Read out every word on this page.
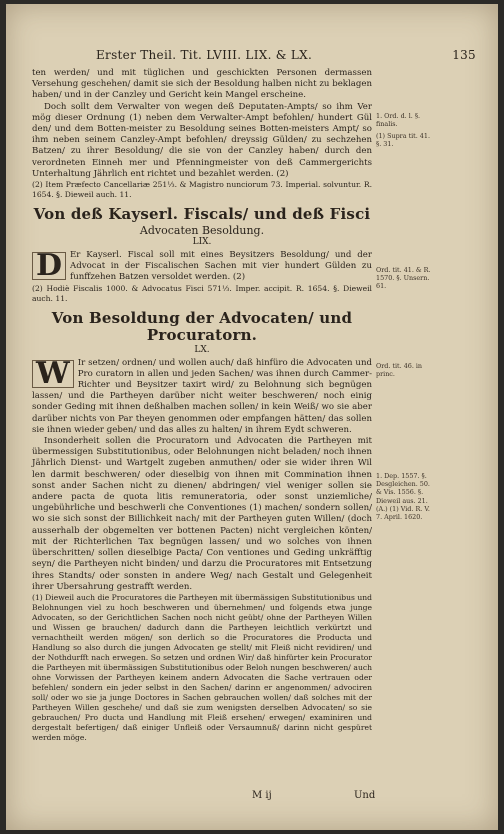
Erster Theil. Tit. LVIII. LIX. & LX.	135

ten werden/ und mit tüglichen und geschickten Personen dermassen Versehung geschehen/ damit sie sich der Besoldung halben nicht zu beklagen haben/ und in der Canzley und Gericht kein Mangel erscheine.

Doch sollt dem Verwalter von wegen deß Deputaten-Ampts/ so ihm Ver mög dieser Ordnung (1) neben dem Verwalter-Ampt befohlen/ hundert Gül den/ und dem Botten-meister zu Besoldung seines Botten-meisters Ampt/ so ihm neben seinem Canzley-Ampt befohlen/ dreyssig Gülden/ zu sechzehen Batzen/ zu ihrer Besoldung/ die sie von der Canzley haben/ durch den verordneten Einneh mer und Pfenningmeister von deß Cammergerichts Unterhaltung Jährlich ent richtet und bezahlet werden. (2)

(2) Item Præfecto Cancellariæ 251⅓. & Magistro nunciorum 73. Imperial. solvuntur. R. 1654. §. Dieweil auch. 11.

Von deß Kayserl. Fiscals/ und deß Fisci
Advocaten Besoldung.
LIX.

D Er Kayserl. Fiscal soll mit eines Beysitzers Besoldung/ und der Advocat in der Fiscalischen Sachen mit vier hundert Gülden zu funffzehen Batzen versoldet werden. (2)

(2) Hodiè Fiscalis 1000. & Advocatus Fisci 571⅓. Imper. accipit. R. 1654. §. Dieweil auch. 11.

Von Besoldung der Advocaten/ und Procuratorn.
LX.

W Ir setzen/ ordnen/ und wollen auch/ daß hinfüro die Advocaten und Pro curatorn in allen und jeden Sachen/ was ihnen durch Cammer-Richter und Beysitzer taxirt wird/ zu Belohnung sich begnügen lassen/ und die Partheyen darüber nicht weiter beschweren/ noch einig sonder Geding mit ihnen deßhalben machen sollen/ in kein Weiß/ wo sie aber darüber nichts von Par theyen genommen oder empfangen hätten/ das sollen sie ihnen wieder geben/ und das alles zu halten/ in ihrem Eydt schweren.

Insonderheit sollen die Procuratorn und Advocaten die Partheyen mit übermessigen Substitutionibus, oder Belohnungen nicht beladen/ noch ihnen Jährlich Dienst- und Wartgelt zugeben anmuthen/ oder sie wider ihren Wil len darmit beschweren/ oder dieselbig von ihnen mit Commination ihnen sonst ander Sachen nicht zu dienen/ abdringen/ viel weniger sollen sie andere pacta de quota litis remuneratoria, oder sonst unziemliche/ ungebührliche und beschwerli che Conventiones (1) machen/ sondern sollen/ wo sie sich sonst der Billichkeit nach/ mit der Partheyen guten Willen/ (doch ausserhalb der obgemelten ver bottenen Pacten) nicht vergleichen könten/ mit der Richterlichen Tax begnügen lassen/ und wo solches von ihnen überschritten/ sollen dieselbige Pacta/ Con ventiones und Geding unkräfftig seyn/ die Partheyen nicht binden/ und darzu die Procuratores mit Entsetzung ihres Standts/ oder sonsten in andere Weg/ nach Gestalt und Gelegenheit ihrer Ubersahrung gestrafft werden.

(1) Dieweil auch die Procuratores die Partheyen mit übermässigen Substitutionibus und Belohnungen viel zu hoch beschweren und übernehmen/ und folgends etwa junge Advocaten, so der Gerichtlichen Sachen noch nicht geübt/ ohne der Partheyen Willen und Wissen ge brauchen/ dadurch dann die Partheyen leichtlich verkürtzt und vernachtheilt werden mögen/ son derlich so die Procuratores die Producta und Handlung so also durch die jungen Advocaten ge stellt/ mit Fleiß nicht revidiren/ und der Nothdurfft nach erwegen. So setzen und ordnen Wir/ daß hinfürter kein Procurator die Partheyen mit übermässigen Substitutionibus oder Beloh nungen beschweren/ auch ohne Vorwissen der Partheyen keinem andern Advocaten die Sache vertrauen oder befehlen/ sondern ein jeder selbst in den Sachen/ darinn er angenommen/ advociren soll/ oder wo sie ja junge Doctores in Sachen gebrauchen wollen/ daß solches mit der Partheyen Willen geschehe/ und daß sie zum wenigsten derselben Advocaten/ so sie gebrauchen/ Pro ducta und Handlung mit Fleiß ersehen/ erwegen/ examiniren und dergestalt befertigen/ daß einiger Unfleiß oder Versaumnuß/ darinn nicht gespüret werden möge.

1. Ord. d. l. §. finalis.
(1) Supra tit. 41. §. 31.
Ord. tit. 41. & R. 1570. §. Unsern. 61.
Ord. tit. 46. in princ.
1. Dep. 1557. §. Desgleichen. 50. & Vis. 1556. §. Dieweil aus. 21. (A.) (1) Vid. R. V. 7. April. 1620.
M ij	Und
